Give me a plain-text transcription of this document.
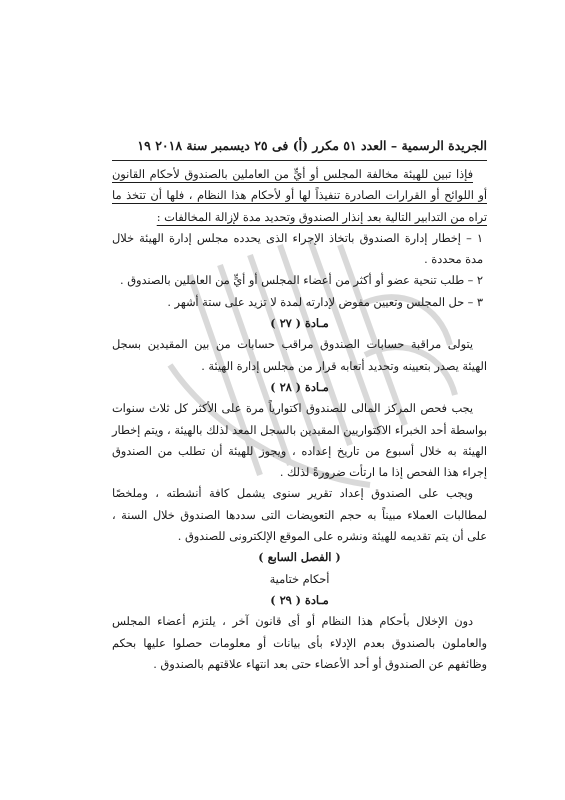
الجريدة الرسمية – العدد ٥١ مكرر (أ) فى ٢٥ ديسمبر سنة ٢٠١٨ ١٩

فإذا تبين للهيئة مخالفة المجلس أو أيٍّ من العاملين بالصندوق لأحكام القانون أو اللوائح أو القرارات الصادرة تنفيذاً لها أو لأحكام هذا النظام ، فلها أن تتخذ ما تراه من التدابير التالية بعد إنذار الصندوق وتحديد مدة لإزالة المخالفات :

١ – إخطار إدارة الصندوق باتخاذ الإجراء الذى يحدده مجلس إدارة الهيئة خلال مدة محددة .

٢ – طلب تنحية عضو أو أكثر من أعضاء المجلس أو أيٍّ من العاملين بالصندوق .

٣ – حل المجلس وتعيين مفوض لإدارته لمدة لا تزيد على ستة أشهر .

مـادة ( ٢٧ )

يتولى مراقبة حسابات الصندوق مراقب حسابات من بين المقيدين بسجل الهيئة يصدر بتعيينه وتحديد أتعابه قرار من مجلس إدارة الهيئة .

مـادة ( ٢٨ )

يجب فحص المركز المالى للصندوق اكتوارياً مرة على الأكثر كل ثلاث سنوات بواسطة أحد الخبراء الاكتواريين المقيدين بالسجل المعد لذلك بالهيئة ، ويتم إخطار الهيئة به خلال أسبوع من تاريخ إعداده ، ويجوز للهيئة أن تطلب من الصندوق إجراء هذا الفحص إذا ما ارتأت ضرورةً لذلك .

ويجب على الصندوق إعداد تقرير سنوى يشمل كافة أنشطته ، وملخصًا لمطالبات العملاء مبيناً به حجم التعويضات التى سددها الصندوق خلال السنة ، على أن يتم تقديمه للهيئة ونشره على الموقع الإلكترونى للصندوق .

( الفصل السابع )

أحكام ختامية

مـادة ( ٢٩ )

دون الإخلال بأحكام هذا النظام أو أى قانون آخر ، يلتزم أعضاء المجلس والعاملون بالصندوق بعدم الإدلاء بأى بيانات أو معلومات حصلوا عليها بحكم وظائفهم عن الصندوق أو أحد الأعضاء حتى بعد انتهاء علاقتهم بالصندوق .
